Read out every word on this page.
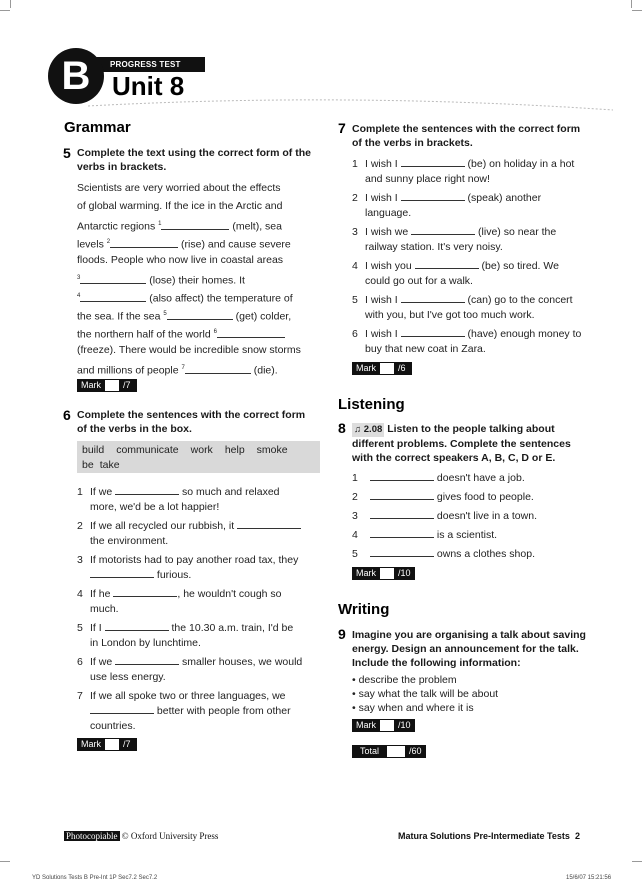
PROGRESS TEST
B Unit 8
Grammar
5 Complete the text using the correct form of the verbs in brackets.
Scientists are very worried about the effects
of global warming. If the ice in the Arctic and
Antarctic regions $^1$	(melt), sea
levels $^2$	(rise) and cause severe
floods. People who now live in coastal areas
$^3$	(lose) their homes. It
$^4$	(also affect) the temperature of
the sea. If the sea $^5$	(get) colder,
the northern half of the world $^6$
(freeze). There would be incredible snow storms
and millions of people $^7$	(die).
Mark	/7
6 Complete the sentences with the correct form of the verbs in the box.
build communicate work help smoke
be take
1 If we	so much and relaxed
more, we'd be a lot happier!
2 If we all recycled our rubbish, it
the environment.
3 If motorists had to pay another road tax, they
furious.
4 If he	, he wouldn't cough so
much.
5 If I	the 10.30 a.m. train, I'd be
in London by lunchtime.
6 If we	smaller houses, we would
use less energy.
7 If we all spoke two or three languages, we
better with people from other
countries.
Mark	/7
7 Complete the sentences with the correct form of the verbs in brackets.
1 I wish I	(be) on holiday in a hot
and sunny place right now!
2 I wish I	(speak) another
language.
3 I wish we	(live) so near the
railway station. It's very noisy.
4 I wish you	(be) so tired. We
could go out for a walk.
5 I wish I	(can) go to the concert
with you, but I've got too much work.
6 I wish I	(have) enough money to
buy that new coat in Zara.
Mark	/6
Listening
8 ♫ 2.08 Listen to the people talking about different problems. Complete the sentences with the correct speakers A, B, C, D or E.
1	doesn't have a job.
2	gives food to people.
3	doesn't live in a town.
4	is a scientist.
5	owns a clothes shop.
Mark	/10
Writing
9 Imagine you are organising a talk about saving energy. Design an announcement for the talk. Include the following information:
• describe the problem
• say what the talk will be about
• say when and where it is
Mark	/10
Total	/60
Photocopiable © Oxford University Press	Matura Solutions Pre-Intermediate Tests 2
YD Solutions Tests B Pre-Int 1P Sec7.2 Sec7.2	15/6/07 15:21:56
